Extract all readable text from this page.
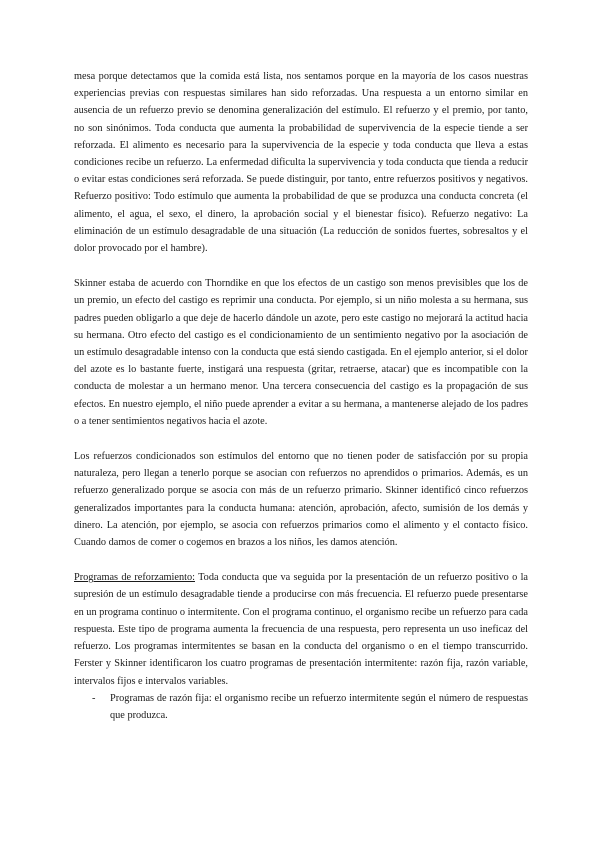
mesa porque detectamos que la comida está lista, nos sentamos porque en la mayoría de los casos nuestras experiencias previas con respuestas similares han sido reforzadas. Una respuesta a un entorno similar en ausencia de un refuerzo previo se denomina generalización del estímulo. El refuerzo y el premio, por tanto, no son sinónimos. Toda conducta que aumenta la probabilidad de supervivencia de la especie tiende a ser reforzada. El alimento es necesario para la supervivencia de la especie y toda conducta que lleva a estas condiciones recibe un refuerzo. La enfermedad dificulta la supervivencia y toda conducta que tienda a reducir o evitar estas condiciones será reforzada. Se puede distinguir, por tanto, entre refuerzos positivos y negativos. Refuerzo positivo: Todo estímulo que aumenta la probabilidad de que se produzca una conducta concreta (el alimento, el agua, el sexo, el dinero, la aprobación social y el bienestar físico). Refuerzo negativo: La eliminación de un estímulo desagradable de una situación (La reducción de sonidos fuertes, sobresaltos y el dolor provocado por el hambre).

Skinner estaba de acuerdo con Thorndike en que los efectos de un castigo son menos previsibles que los de un premio, un efecto del castigo es reprimir una conducta. Por ejemplo, si un niño molesta a su hermana, sus padres pueden obligarlo a que deje de hacerlo dándole un azote, pero este castigo no mejorará la actitud hacia su hermana. Otro efecto del castigo es el condicionamiento de un sentimiento negativo por la asociación de un estímulo desagradable intenso con la conducta que está siendo castigada. En el ejemplo anterior, si el dolor del azote es lo bastante fuerte, instigará una respuesta (gritar, retraerse, atacar) que es incompatible con la conducta de molestar a un hermano menor. Una tercera consecuencia del castigo es la propagación de sus efectos. En nuestro ejemplo, el niño puede aprender a evitar a su hermana, a mantenerse alejado de los padres o a tener sentimientos negativos hacia el azote.

Los refuerzos condicionados son estímulos del entorno que no tienen poder de satisfacción por su propia naturaleza, pero llegan a tenerlo porque se asocian con refuerzos no aprendidos o primarios. Además, es un refuerzo generalizado porque se asocia con más de un refuerzo primario. Skinner identificó cinco refuerzos generalizados importantes para la conducta humana: atención, aprobación, afecto, sumisión de los demás y dinero. La atención, por ejemplo, se asocia con refuerzos primarios como el alimento y el contacto físico. Cuando damos de comer o cogemos en brazos a los niños, les damos atención.

Programas de reforzamiento: Toda conducta que va seguida por la presentación de un refuerzo positivo o la supresión de un estímulo desagradable tiende a producirse con más frecuencia. El refuerzo puede presentarse en un programa continuo o intermitente. Con el programa continuo, el organismo recibe un refuerzo para cada respuesta. Este tipo de programa aumenta la frecuencia de una respuesta, pero representa un uso ineficaz del refuerzo. Los programas intermitentes se basan en la conducta del organismo o en el tiempo transcurrido. Ferster y Skinner identificaron los cuatro programas de presentación intermitente: razón fija, razón variable, intervalos fijos e intervalos variables.

- Programas de razón fija: el organismo recibe un refuerzo intermitente según el número de respuestas que produzca.
